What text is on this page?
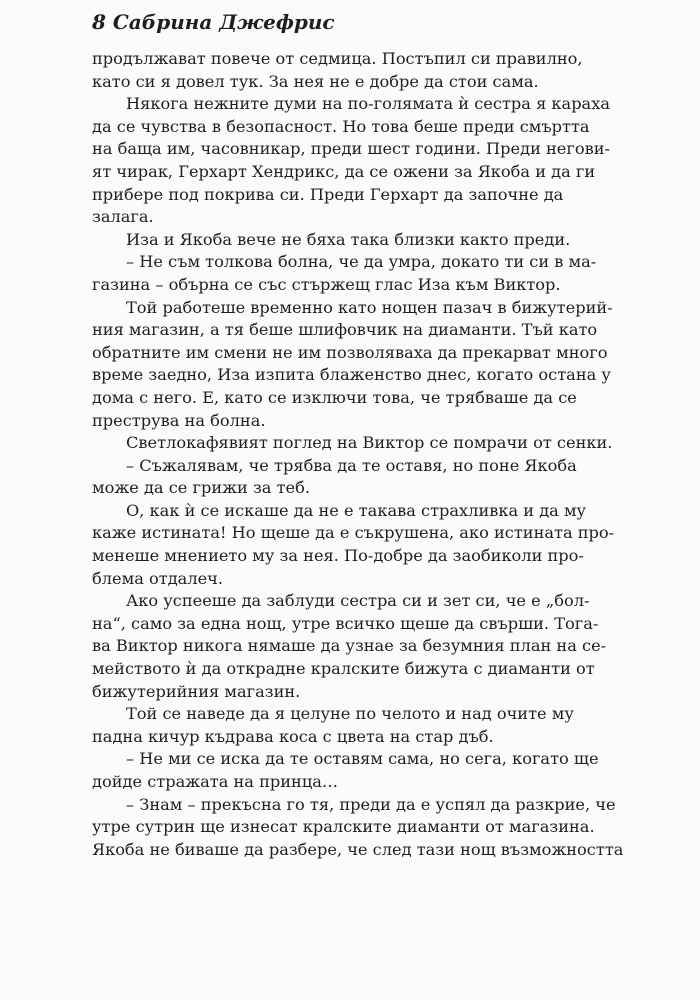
8 Сабрина Джефрис
продължават повече от седмица. Постъпил си правилно,
като си я довел тук. За нея не е добре да стои сама.
Някога нежните думи на по-голямата ѝ сестра я караха
да се чувства в безопасност. Но това беше преди смъртта
на баща им, часовникар, преди шест години. Преди негови-
ят чирак, Герхарт Хендрикс, да се ожени за Якоба и да ги
прибере под покрива си. Преди Герхарт да започне да
залага.
Иза и Якоба вече не бяха така близки както преди.
– Не съм толкова болна, че да умра, докато ти си в ма-
газина – обърна се със стържещ глас Иза към Виктор.
Той работеше временно като нощен пазач в бижутерий-
ния магазин, а тя беше шлифовчик на диаманти. Тъй като
обратните им смени не им позволяваха да прекарват много
време заедно, Иза изпита блаженство днес, когато остана у
дома с него. Е, като се изключи това, че трябваше да се
преструва на болна.
Светлокафявият поглед на Виктор се помрачи от сенки.
– Съжалявам, че трябва да те оставя, но поне Якоба
може да се грижи за теб.
О, как ѝ се искаше да не е такава страхливка и да му
каже истината! Но щеше да е съкрушена, ако истината про-
менеше мнението му за нея. По-добре да заобиколи про-
блема отдалеч.
Ако успееше да заблуди сестра си и зет си, че е „бол-
на“, само за една нощ, утре всичко щеше да свърши. Тога-
ва Виктор никога нямаше да узнае за безумния план на се-
мейството ѝ да открадне кралските бижута с диаманти от
бижутерийния магазин.
Той се наведе да я целуне по челото и над очите му
падна кичур къдрава коса с цвета на стар дъб.
– Не ми се иска да те оставям сама, но сега, когато ще
дойде стражата на принца…
– Знам – прекъсна го тя, преди да е успял да разкрие, че
утре сутрин ще изнесат кралските диаманти от магазина.
Якоба не биваше да разбере, че след тази нощ възможността
